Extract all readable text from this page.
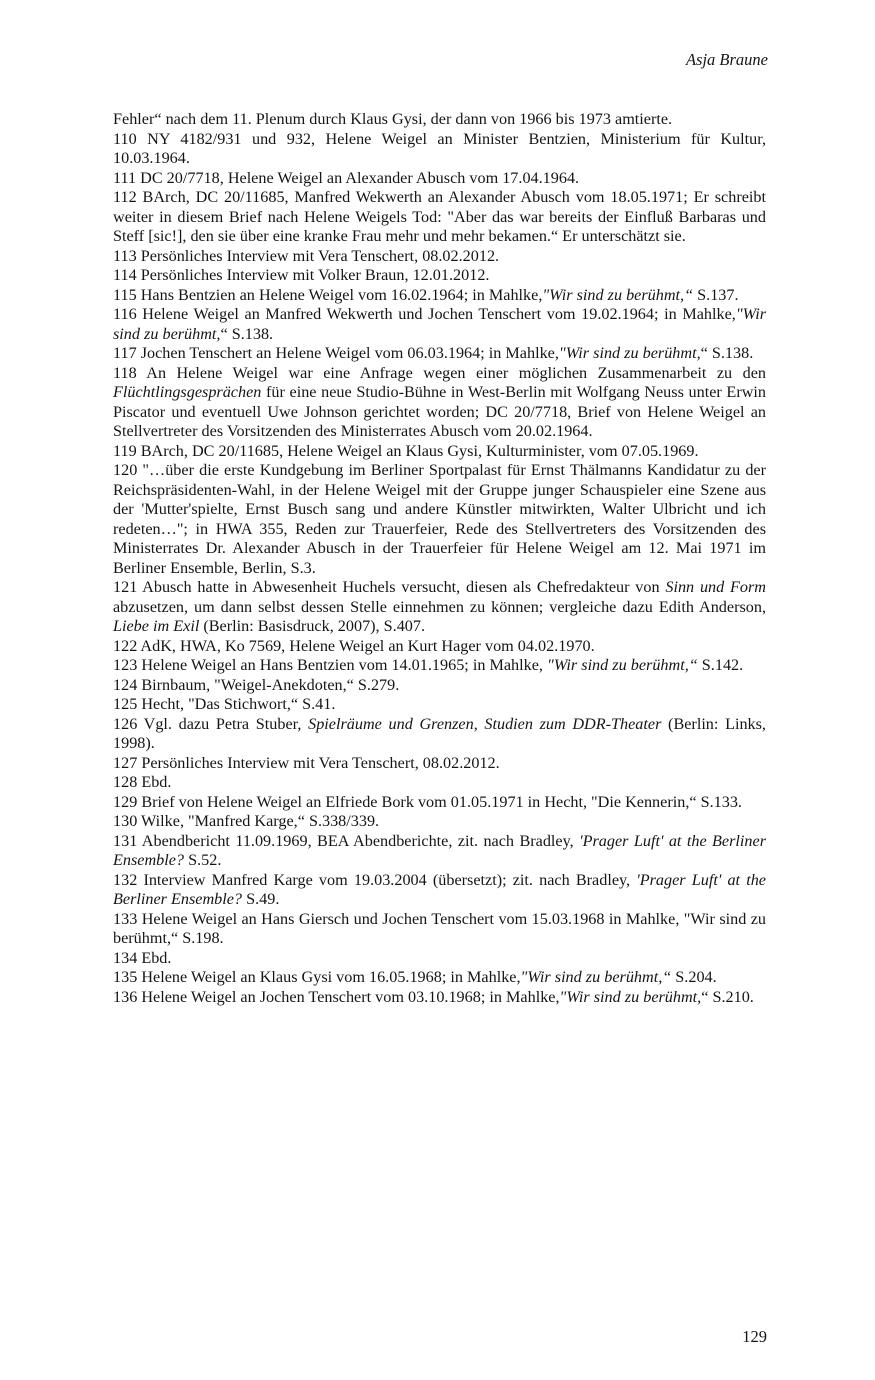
Asja Braune
Fehler“ nach dem 11. Plenum durch Klaus Gysi, der dann von 1966 bis 1973 amtierte.
110 NY 4182/931 und 932, Helene Weigel an Minister Bentzien, Ministerium für Kultur, 10.03.1964.
111 DC 20/7718, Helene Weigel an Alexander Abusch vom 17.04.1964.
112 BArch, DC 20/11685, Manfred Wekwerth an Alexander Abusch vom 18.05.1971; Er schreibt weiter in diesem Brief nach Helene Weigels Tod: "Aber das war bereits der Einfluß Barbaras und Steff [sic!], den sie über eine kranke Frau mehr und mehr bekamen.“ Er unterschätzt sie.
113 Persönliches Interview mit Vera Tenschert, 08.02.2012.
114 Persönliches Interview mit Volker Braun, 12.01.2012.
115 Hans Bentzien an Helene Weigel vom 16.02.1964; in Mahlke,"Wir sind zu berühmt,“ S.137.
116 Helene Weigel an Manfred Wekwerth und Jochen Tenschert vom 19.02.1964; in Mahlke,"Wir sind zu berühmt,“ S.138.
117 Jochen Tenschert an Helene Weigel vom 06.03.1964; in Mahlke,"Wir sind zu berühmt,“ S.138.
118 An Helene Weigel war eine Anfrage wegen einer möglichen Zusammenarbeit zu den Flüchtlingsgesprächen für eine neue Studio-Bühne in West-Berlin mit Wolfgang Neuss unter Erwin Piscator und eventuell Uwe Johnson gerichtet worden; DC 20/7718, Brief von Helene Weigel an Stellvertreter des Vorsitzenden des Ministerrates Abusch vom 20.02.1964.
119 BArch, DC 20/11685, Helene Weigel an Klaus Gysi, Kulturminister, vom 07.05.1969.
120 "…über die erste Kundgebung im Berliner Sportpalast für Ernst Thälmanns Kandidatur zu der Reichspräsidenten-Wahl, in der Helene Weigel mit der Gruppe junger Schauspieler eine Szene aus der 'Mutter'spielte, Ernst Busch sang und andere Künstler mitwirkten, Walter Ulbricht und ich redeten…"; in HWA 355, Reden zur Trauerfeier, Rede des Stellvertreters des Vorsitzenden des Ministerrates Dr. Alexander Abusch in der Trauerfeier für Helene Weigel am 12. Mai 1971 im Berliner Ensemble, Berlin, S.3.
121 Abusch hatte in Abwesenheit Huchels versucht, diesen als Chefredakteur von Sinn und Form abzusetzen, um dann selbst dessen Stelle einnehmen zu können; vergleiche dazu Edith Anderson, Liebe im Exil (Berlin: Basisdruck, 2007), S.407.
122 AdK, HWA, Ko 7569, Helene Weigel an Kurt Hager vom 04.02.1970.
123 Helene Weigel an Hans Bentzien vom 14.01.1965; in Mahlke, "Wir sind zu berühmt,“ S.142.
124 Birnbaum, "Weigel-Anekdoten,“ S.279.
125 Hecht, "Das Stichwort,“ S.41.
126 Vgl. dazu Petra Stuber, Spielräume und Grenzen, Studien zum DDR-Theater (Berlin: Links, 1998).
127 Persönliches Interview mit Vera Tenschert, 08.02.2012.
128 Ebd.
129 Brief von Helene Weigel an Elfriede Bork vom 01.05.1971 in Hecht, "Die Kennerin,“ S.133.
130 Wilke, "Manfred Karge,“ S.338/339.
131 Abendbericht 11.09.1969, BEA Abendberichte, zit. nach Bradley, 'Prager Luft' at the Berliner Ensemble? S.52.
132 Interview Manfred Karge vom 19.03.2004 (übersetzt); zit. nach Bradley, 'Prager Luft' at the Berliner Ensemble? S.49.
133 Helene Weigel an Hans Giersch und Jochen Tenschert vom 15.03.1968 in Mahlke, "Wir sind zu berühmt,“ S.198.
134 Ebd.
135 Helene Weigel an Klaus Gysi vom 16.05.1968; in Mahlke,"Wir sind zu berühmt,“ S.204.
136 Helene Weigel an Jochen Tenschert vom 03.10.1968; in Mahlke,"Wir sind zu berühmt,“ S.210.
129
